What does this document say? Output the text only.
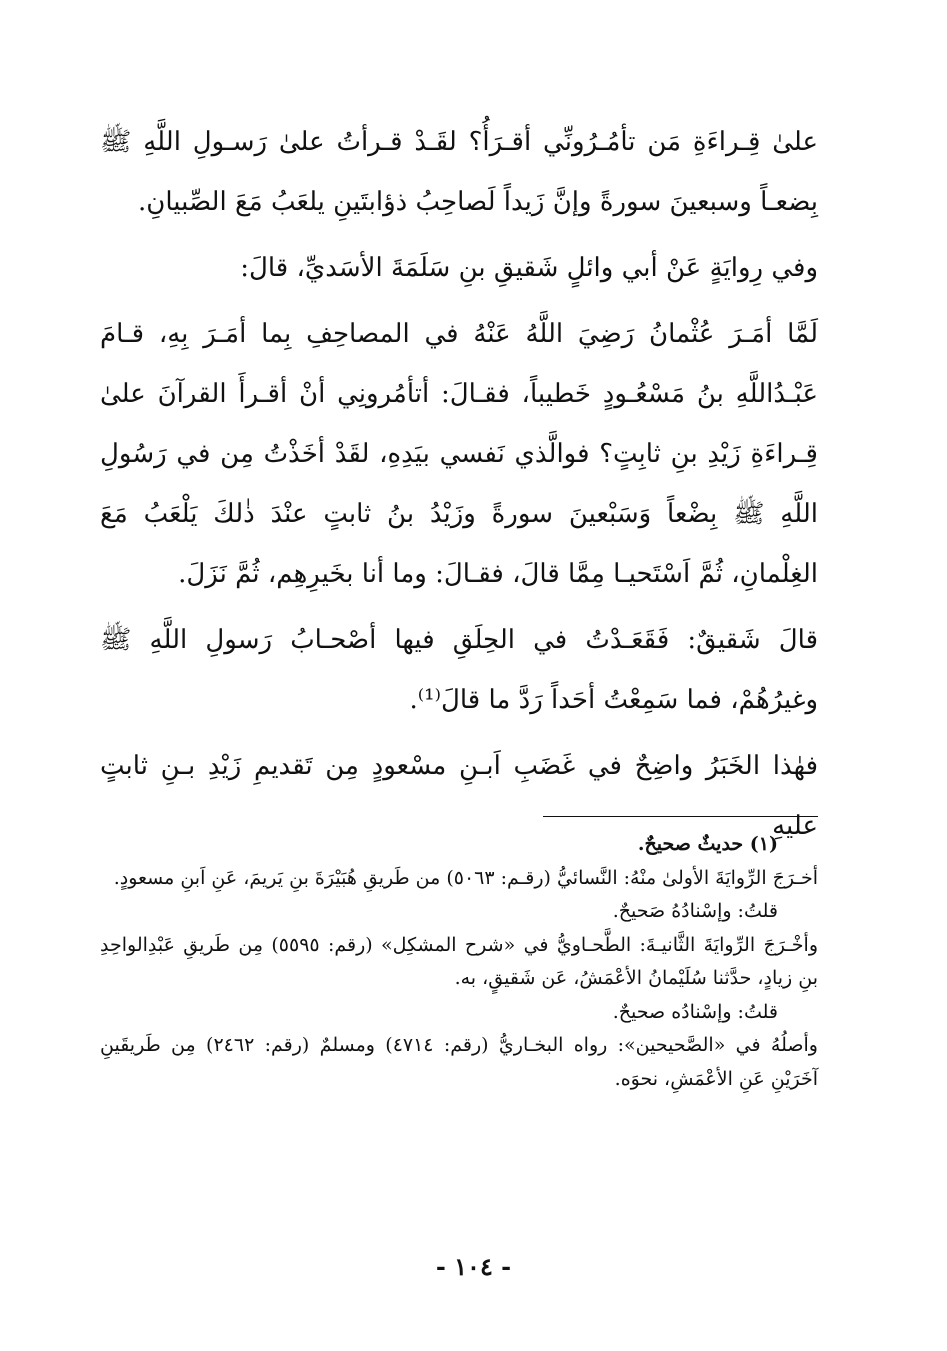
علىٰ قِـراءَةِ مَن تأمُـرُونِّي أقـرَأُ؟ لقَـدْ قـرأتُ علىٰ رَسـولِ اللَّهِ ﷺ بِضعـاً وسبعينَ سورةً وإنَّ زَيداً لَصاحِبُ ذؤابتَينِ يلعَبُ مَعَ الصِّبيانِ.

وفي رِوايَةٍ عَنْ أبي وائلٍ شَقيقِ بنِ سَلَمَةَ الأسَديِّ، قالَ:

لَمَّا أمَـرَ عُثْمانُ رَضِيَ اللَّهُ عَنْهُ في المصاحِفِ بِما أمَـرَ بِهِ، قـامَ عَبْـدُاللَّهِ بنُ مَسْعُـودٍ خَطيباً، فقـالَ: أتأمُرونِي أنْ أقـرأَ القرآنَ علىٰ قِـراءَةِ زَيْدِ بنِ ثابِتٍ؟ فوالَّذي نَفسي بيَدِهِ، لقَدْ أخَذْتُ مِن في رَسُولِ اللَّهِ ﷺ بِضْعاً وَسَبْعينَ سورةً وزَيْدُ بنُ ثابتٍ عنْدَ ذٰلكَ يَلْعَبُ مَعَ الغِلْمانِ، ثُمَّ اَسْتَحيـا مِمَّا قالَ، فقـالَ: وما أنا بخَيرِهِم، ثُمَّ نَزَلَ.

قالَ شَقيقٌ: فَقَعَـدْتُ في الحِلَقِ فيها أصْحـابُ رَسولِ اللَّهِ ﷺ وغيرُهُمْ، فما سَمِعْتُ أحَداً رَدَّ ما قالَ⁽¹⁾.

فهٰذا الخَبَرُ واضِحٌ في غَضَبِ اَبـنِ مسْعودٍ مِن تَقديمِ زَيْدِ بـنِ ثابتٍ عليهِ

(١) حديثٌ صحيحٌ.

أخـرَجَ الرِّوايَةَ الأولىٰ منْهُ: النَّسائيُّ (رقـم: ٥٠٦٣) من طَريقِ هُبَيْرَةَ بنِ يَريمَ، عَنِ اَبنِ مسعودٍ.

قلتُ: وإسْنادُهُ صَحيحٌ.

وأخْـرَجَ الرِّوايَةَ الثَّانيـةَ: الطَّحـاويُّ في «شرح المشكِل» (رقم: ٥٥٩٥) مِن طَريقِ عَبْدِالواحِدِ بنِ زيادٍ، حدَّثنا سُلَيْمانُ الأعْمَشُ، عَن شَقيقٍ، به.

قلتُ: وإسْنادُه صحيحٌ.

وأصلُهُ في «الصَّحيحين»: رواه البخـاريُّ (رقم: ٤٧١٤) ومسلمٌ (رقم: ٢٤٦٢) مِن طَريقَينِ آخَرَيْنِ عَنِ الأعْمَشِ، نحوَه.

- ١٠٤ -
